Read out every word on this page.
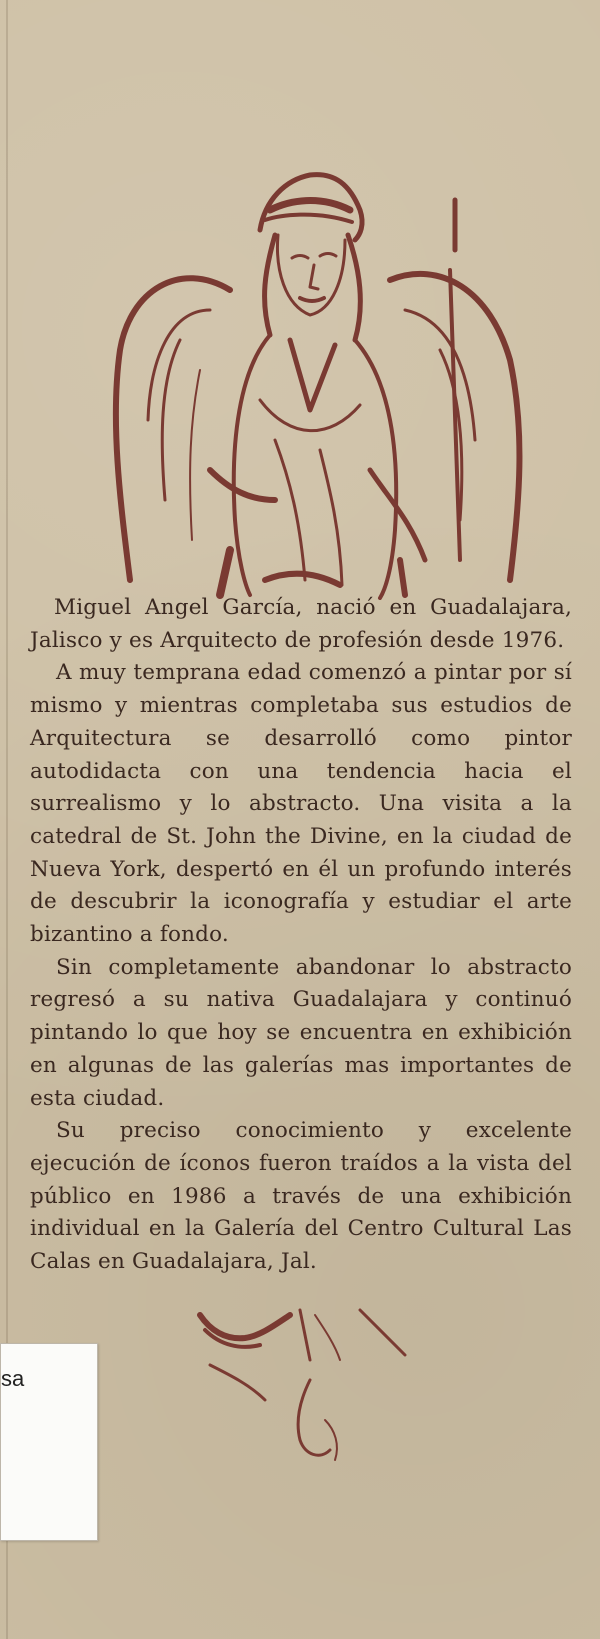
Miguel Angel García, nació en Guadalajara, Jalisco y es Arquitecto de profesión desde 1976.

A muy temprana edad comenzó a pintar por sí mismo y mientras completaba sus estudios de Arquitectura se desarrolló como pintor autodidacta con una tendencia hacia el surrealismo y lo abstracto. Una visita a la catedral de St. John the Divine, en la ciudad de Nueva York, despertó en él un profundo interés de descubrir la iconografía y estudiar el arte bizantino a fondo.

Sin completamente abandonar lo abstracto regresó a su nativa Guadalajara y continuó pintando lo que hoy se encuentra en exhibición en algunas de las galerías mas importantes de esta ciudad.

Su preciso conocimiento y excelente ejecución de íconos fueron traídos a la vista del público en 1986 a través de una exhibición individual en la Galería del Centro Cultural Las Calas en Guadalajara, Jal.

sa
